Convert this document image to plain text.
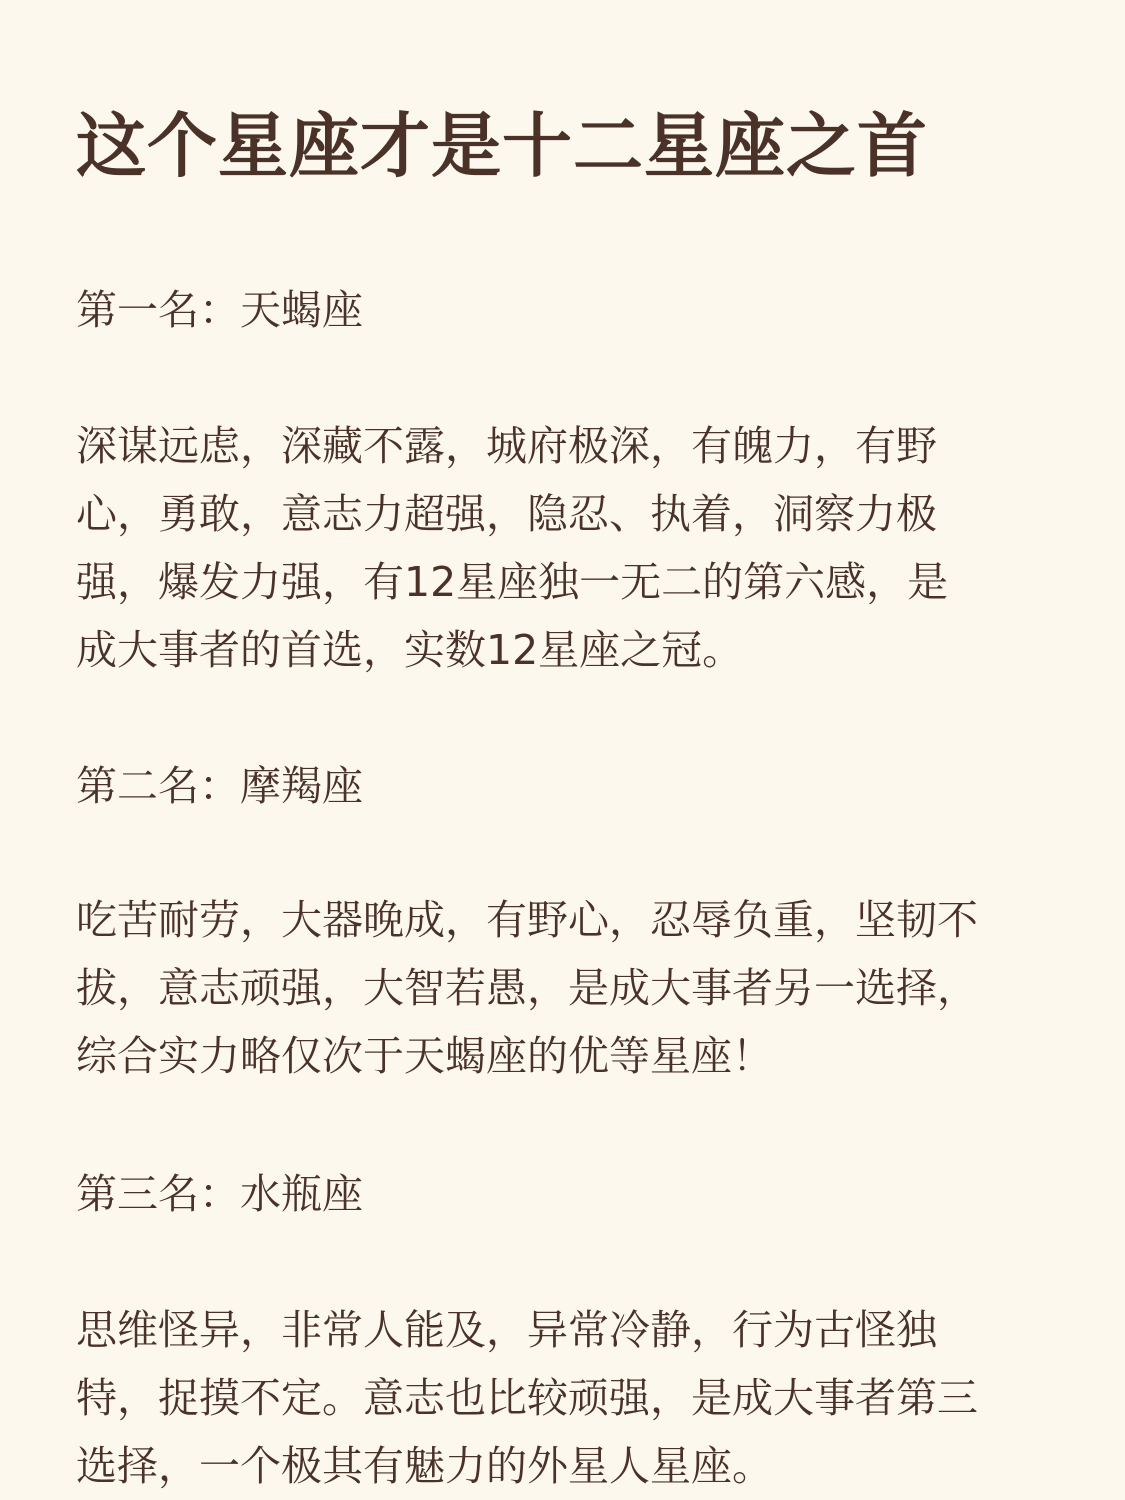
这个星座才是十二星座之首
第一名：天蝎座

深谋远虑，深藏不露，城府极深，有魄力，有野
心，勇敢，意志力超强，隐忍、执着，洞察力极
强，爆发力强，有12星座独一无二的第六感，是
成大事者的首选，实数12星座之冠。

第二名：摩羯座

吃苦耐劳，大器晚成，有野心，忍辱负重，坚韧不
拔，意志顽强，大智若愚，是成大事者另一选择，
综合实力略仅次于天蝎座的优等星座！

第三名：水瓶座

思维怪异，非常人能及，异常冷静，行为古怪独
特，捉摸不定。意志也比较顽强，是成大事者第三
选择，一个极其有魅力的外星人星座。
